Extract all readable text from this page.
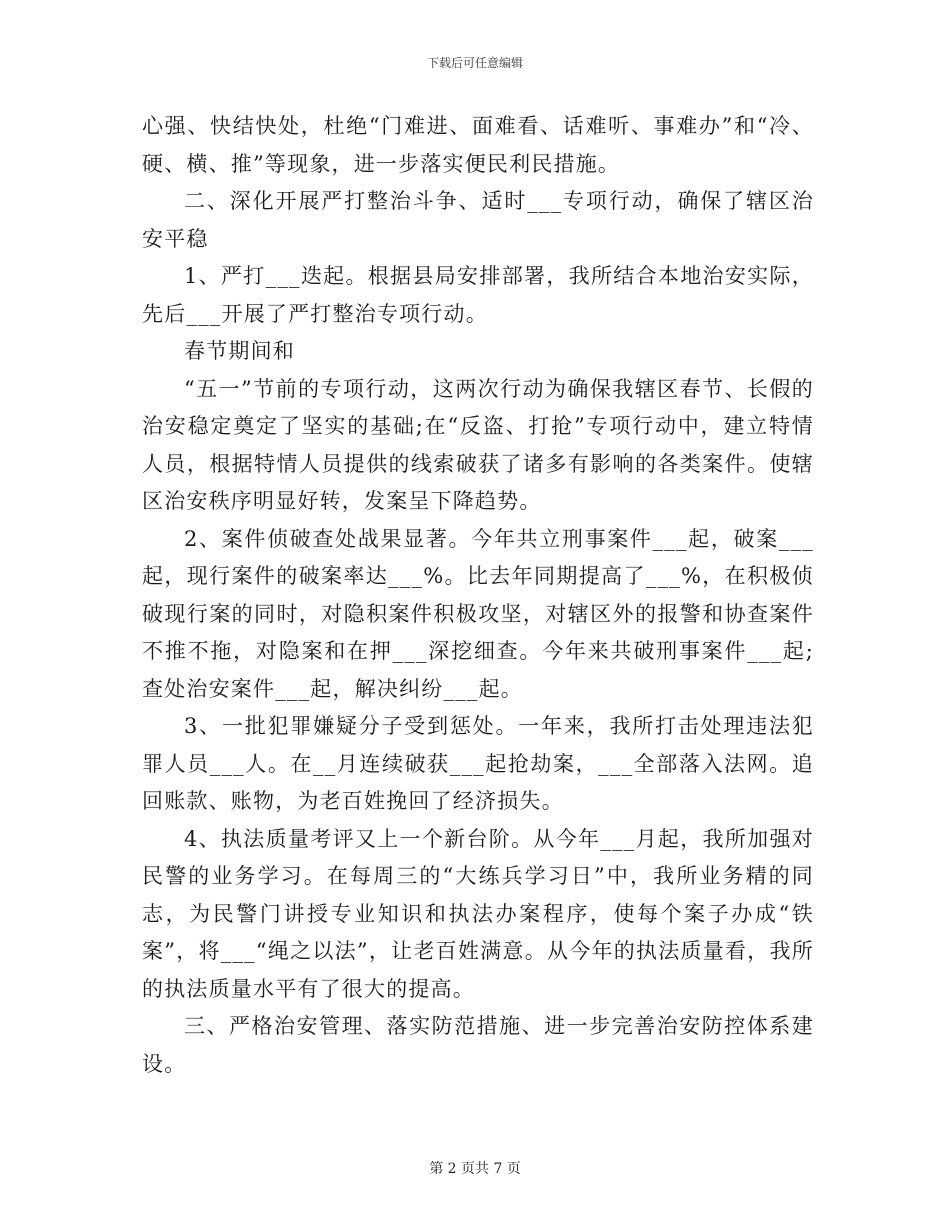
下载后可任意编辑

心强、快结快处，杜绝“门难进、面难看、话难听、事难办”和“冷、硬、横、推”等现象，进一步落实便民利民措施。

二、深化开展严打整治斗争、适时___专项行动，确保了辖区治安平稳

1、严打___迭起。根据县局安排部署，我所结合本地治安实际，先后___开展了严打整治专项行动。

春节期间和

“五一”节前的专项行动，这两次行动为确保我辖区春节、长假的治安稳定奠定了坚实的基础;在“反盗、打抢”专项行动中，建立特情人员，根据特情人员提供的线索破获了诸多有影响的各类案件。使辖区治安秩序明显好转，发案呈下降趋势。

2、案件侦破查处战果显著。今年共立刑事案件___起，破案___起，现行案件的破案率达___%。比去年同期提高了___%，在积极侦破现行案的同时，对隐积案件积极攻坚，对辖区外的报警和协查案件不推不拖，对隐案和在押___深挖细查。今年来共破刑事案件___起;查处治安案件___起，解决纠纷___起。

3、一批犯罪嫌疑分子受到惩处。一年来，我所打击处理违法犯罪人员___人。在__月连续破获___起抢劫案，___全部落入法网。追回账款、账物，为老百姓挽回了经济损失。

4、执法质量考评又上一个新台阶。从今年___月起，我所加强对民警的业务学习。在每周三的“大练兵学习日”中，我所业务精的同志，为民警门讲授专业知识和执法办案程序，使每个案子办成“铁案”，将___“绳之以法”，让老百姓满意。从今年的执法质量看，我所的执法质量水平有了很大的提高。

三、严格治安管理、落实防范措施、进一步完善治安防控体系建设。

第 2 页共 7 页
